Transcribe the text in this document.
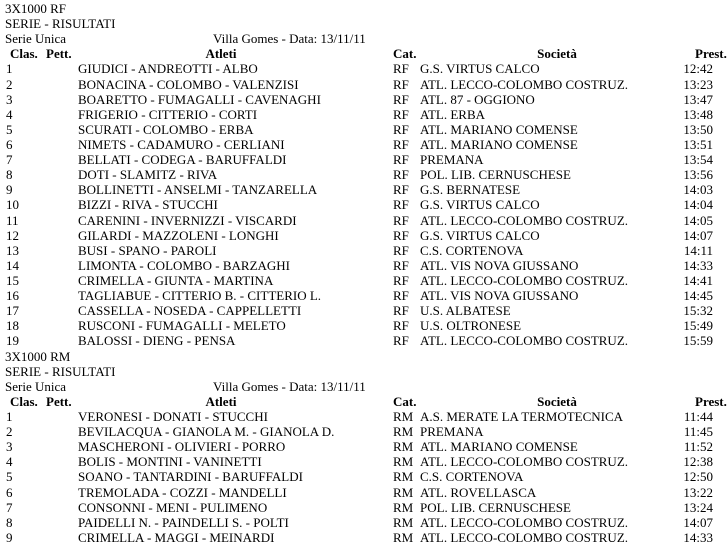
3X1000 RF
SERIE - RISULTATI
Serie Unica	Villa Gomes - Data: 13/11/11
Clas. Pett.	Atleti	Cat.	Società	Prest.
1	GIUDICI - ANDREOTTI - ALBO	RF G.S. VIRTUS CALCO	12:42
2	BONACINA - COLOMBO - VALENZISI	RF ATL. LECCO-COLOMBO COSTRUZ.	13:23
3	BOARETTO - FUMAGALLI - CAVENAGHI	RF ATL. 87 - OGGIONO	13:47
4	FRIGERIO - CITTERIO - CORTI	RF ATL. ERBA	13:48
5	SCURATI - COLOMBO - ERBA	RF ATL. MARIANO COMENSE	13:50
6	NIMETS - CADAMURO - CERLIANI	RF ATL. MARIANO COMENSE	13:51
7	BELLATI - CODEGA - BARUFFALDI	RF PREMANA	13:54
8	DOTI - SLAMITZ - RIVA	RF POL. LIB. CERNUSCHESE	13:56
9	BOLLINETTI - ANSELMI - TANZARELLA	RF G.S. BERNATESE	14:03
10	BIZZI - RIVA - STUCCHI	RF G.S. VIRTUS CALCO	14:04
11	CARENINI - INVERNIZZI - VISCARDI	RF ATL. LECCO-COLOMBO COSTRUZ.	14:05
12	GILARDI - MAZZOLENI - LONGHI	RF G.S. VIRTUS CALCO	14:07
13	BUSI - SPANO - PAROLI	RF C.S. CORTENOVA	14:11
14	LIMONTA - COLOMBO - BARZAGHI	RF ATL. VIS NOVA GIUSSANO	14:33
15	CRIMELLA - GIUNTA - MARTINA	RF ATL. LECCO-COLOMBO COSTRUZ.	14:41
16	TAGLIABUE - CITTERIO B. - CITTERIO L.	RF ATL. VIS NOVA GIUSSANO	14:45
17	CASSELLA - NOSEDA - CAPPELLETTI	RF U.S. ALBATESE	15:32
18	RUSCONI - FUMAGALLI - MELETO	RF U.S. OLTRONESE	15:49
19	BALOSSI - DIENG - PENSA	RF ATL. LECCO-COLOMBO COSTRUZ.	15:59
3X1000 RM
SERIE - RISULTATI
Serie Unica	Villa Gomes - Data: 13/11/11
Clas. Pett.	Atleti	Cat.	Società	Prest.
1	VERONESI - DONATI - STUCCHI	RM A.S. MERATE LA TERMOTECNICA	11:44
2	BEVILACQUA - GIANOLA M. - GIANOLA D.	RM PREMANA	11:45
3	MASCHERONI - OLIVIERI - PORRO	RM ATL. MARIANO COMENSE	11:52
4	BOLIS - MONTINI - VANINETTI	RM ATL. LECCO-COLOMBO COSTRUZ.	12:38
5	SOANO - TANTARDINI - BARUFFALDI	RM C.S. CORTENOVA	12:50
6	TREMOLADA - COZZI - MANDELLI	RM ATL. ROVELLASCA	13:22
7	CONSONNI - MENI - PULIMENO	RM POL. LIB. CERNUSCHESE	13:24
8	PAIDELLI N. - PAINDELLI S. - POLTI	RM ATL. LECCO-COLOMBO COSTRUZ.	14:07
9	CRIMELLA - MAGGI - MEINARDI	RM ATL. LECCO-COLOMBO COSTRUZ.	14:33
